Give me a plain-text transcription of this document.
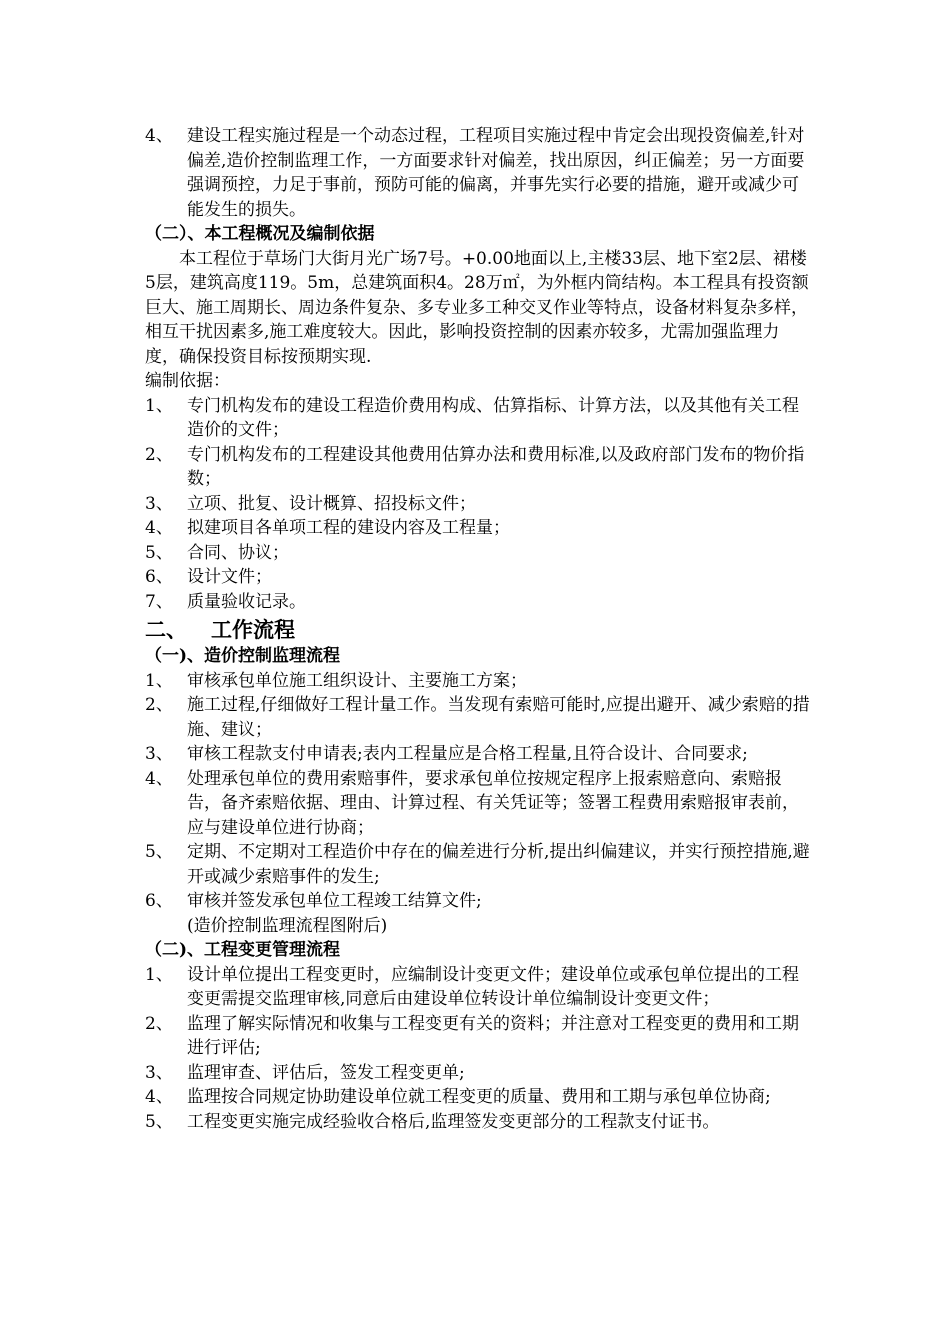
4、 建设工程实施过程是一个动态过程，工程项目实施过程中肯定会出现投资偏差,针对偏差,造价控制监理工作，一方面要求针对偏差，找出原因，纠正偏差；另一方面要强调预控，力足于事前，预防可能的偏离，并事先实行必要的措施，避开或减少可能发生的损失。
（二）、本工程概况及编制依据
本工程位于草场门大街月光广场7号。+0.00地面以上,主楼33层、地下室2层、裙楼5层，建筑高度119。5m，总建筑面积4。28万㎡，为外框内筒结构。本工程具有投资额巨大、施工周期长、周边条件复杂、多专业多工种交叉作业等特点，设备材料复杂多样，相互干扰因素多,施工难度较大。因此，影响投资控制的因素亦较多，尤需加强监理力度，确保投资目标按预期实现.
编制依据：
1、 专门机构发布的建设工程造价费用构成、估算指标、计算方法，以及其他有关工程造价的文件；
2、 专门机构发布的工程建设其他费用估算办法和费用标准,以及政府部门发布的物价指数；
3、 立项、批复、设计概算、招投标文件；
4、 拟建项目各单项工程的建设内容及工程量；
5、 合同、协议；
6、 设计文件；
7、 质量验收记录。
二、 工作流程
（一)、造价控制监理流程
1、 审核承包单位施工组织设计、主要施工方案；
2、 施工过程,仔细做好工程计量工作。当发现有索赔可能时,应提出避开、减少索赔的措施、建议；
3、 审核工程款支付申请表;表内工程量应是合格工程量,且符合设计、合同要求;
4、 处理承包单位的费用索赔事件，要求承包单位按规定程序上报索赔意向、索赔报告，备齐索赔依据、理由、计算过程、有关凭证等；签署工程费用索赔报审表前，应与建设单位进行协商；
5、 定期、不定期对工程造价中存在的偏差进行分析,提出纠偏建议，并实行预控措施,避开或减少索赔事件的发生;
6、 审核并签发承包单位工程竣工结算文件;
(造价控制监理流程图附后)
（二)、工程变更管理流程
1、 设计单位提出工程变更时，应编制设计变更文件；建设单位或承包单位提出的工程变更需提交监理审核,同意后由建设单位转设计单位编制设计变更文件；
2、 监理了解实际情况和收集与工程变更有关的资料；并注意对工程变更的费用和工期进行评估;
3、 监理审查、评估后，签发工程变更单;
4、 监理按合同规定协助建设单位就工程变更的质量、费用和工期与承包单位协商;
5、 工程变更实施完成经验收合格后,监理签发变更部分的工程款支付证书。
